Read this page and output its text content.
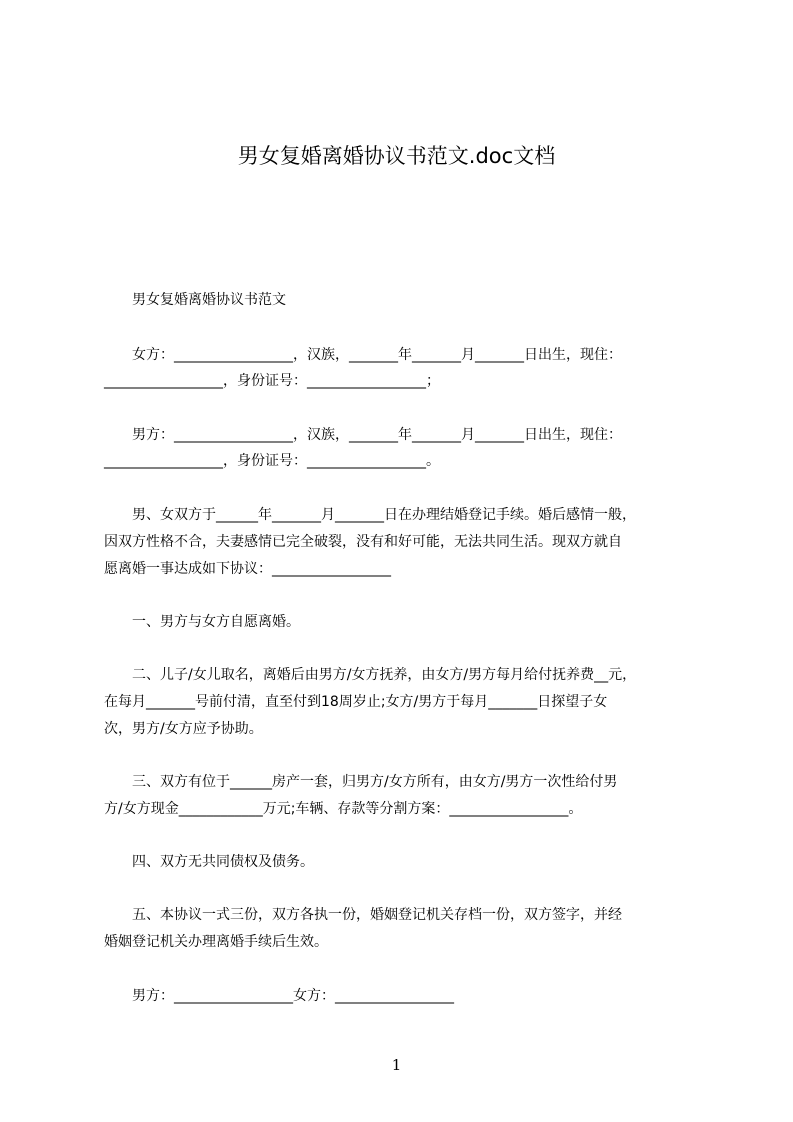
男女复婚离婚协议书范文.doc文档
　　男女复婚离婚协议书范文
　　女方：_________________，汉族，_______年_______月_______日出生，现住：
_________________，身份证号：_________________；
　　男方：_________________，汉族，_______年_______月_______日出生，现住：
_________________，身份证号：_________________。
　　男、女双方于______年_______月_______日在办理结婚登记手续。婚后感情一般，
因双方性格不合，夫妻感情已完全破裂，没有和好可能，无法共同生活。现双方就自
愿离婚一事达成如下协议：_________________
　　一、男方与女方自愿离婚。
　　二、儿子/女儿取名，离婚后由男方/女方抚养，由女方/男方每月给付抚养费__元，
在每月_______号前付清，直至付到18周岁止;女方/男方于每月_______日探望子女
次，男方/女方应予协助。
　　三、双方有位于______房产一套，归男方/女方所有，由女方/男方一次性给付男
方/女方现金____________万元;车辆、存款等分割方案：_________________。
　　四、双方无共同债权及债务。
　　五、本协议一式三份，双方各执一份，婚姻登记机关存档一份，双方签字，并经
婚姻登记机关办理离婚手续后生效。
　　男方：_________________女方：_________________
1
